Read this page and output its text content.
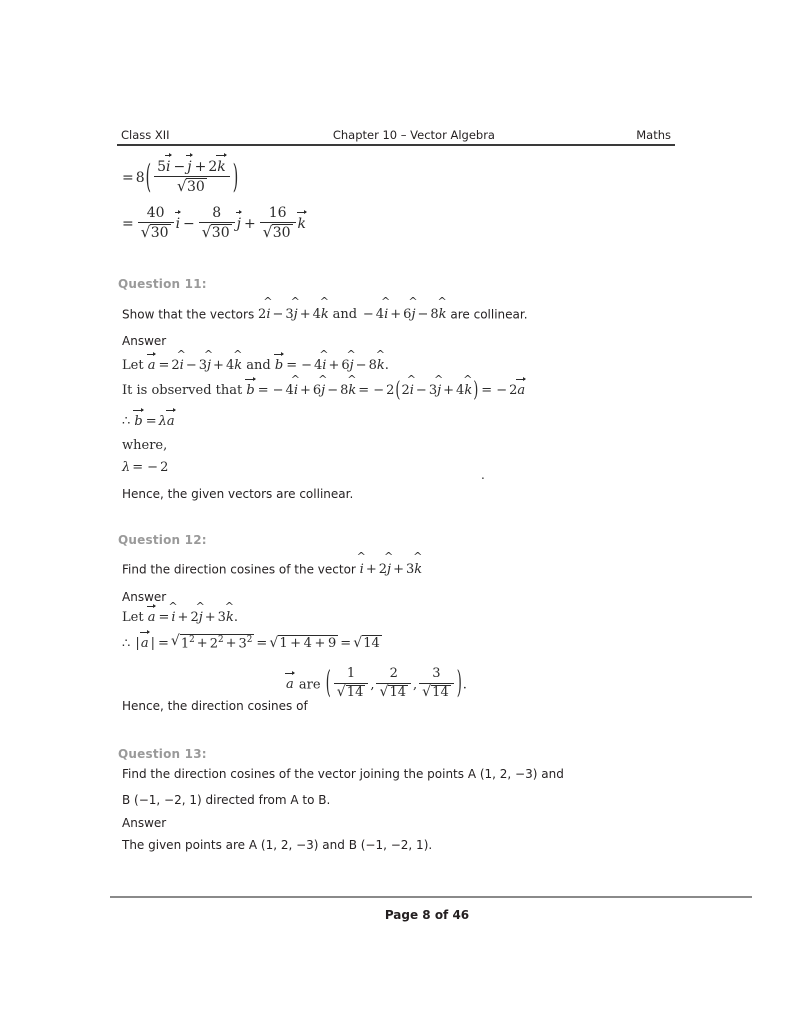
Class XII	Chapter 10 – Vector Algebra	Maths
= 8( 5i − j + 2k
√ 30 )
= 40
√ 30 i − 8
√ 30 j + 16
√ 30 k
Question 11:
Show that the vectors 2i ^ − 3j ^ + 4k ^ and − 4i ^ + 6j ^ − 8k ^ are collinear.
Answer
Let a = 2i ^ − 3j ^ + 4k ^ and b = − 4i ^ + 6j ^ − 8k ^.
It is observed that b = − 4i ^ + 6j ^ − 8k ^ = − 2(2i ^ − 3j ^ + 4k ^) = − 2a
∴ b = λa
where,
λ = − 2	.
Hence, the given vectors are collinear.
Question 12:
Find the direction cosines of the vector i ^ + 2j ^ + 3k ^
Answer
Let a = i ^ + 2j ^ + 3k ^.
∴ |a | = √ $1^2 + 2^2 + 3^2$ = √ 1 + 4 + 9 = √ 14
a are ( 1
√ 14 , 2
√ 14 , 3
√ 14 ).
Hence, the direction cosines of
Question 13:
Find the direction cosines of the vector joining the points A (1, 2, −3) and
B (−1, −2, 1) directed from A to B.
Answer
The given points are A (1, 2, −3) and B (−1, −2, 1).
Page 8 of 46
